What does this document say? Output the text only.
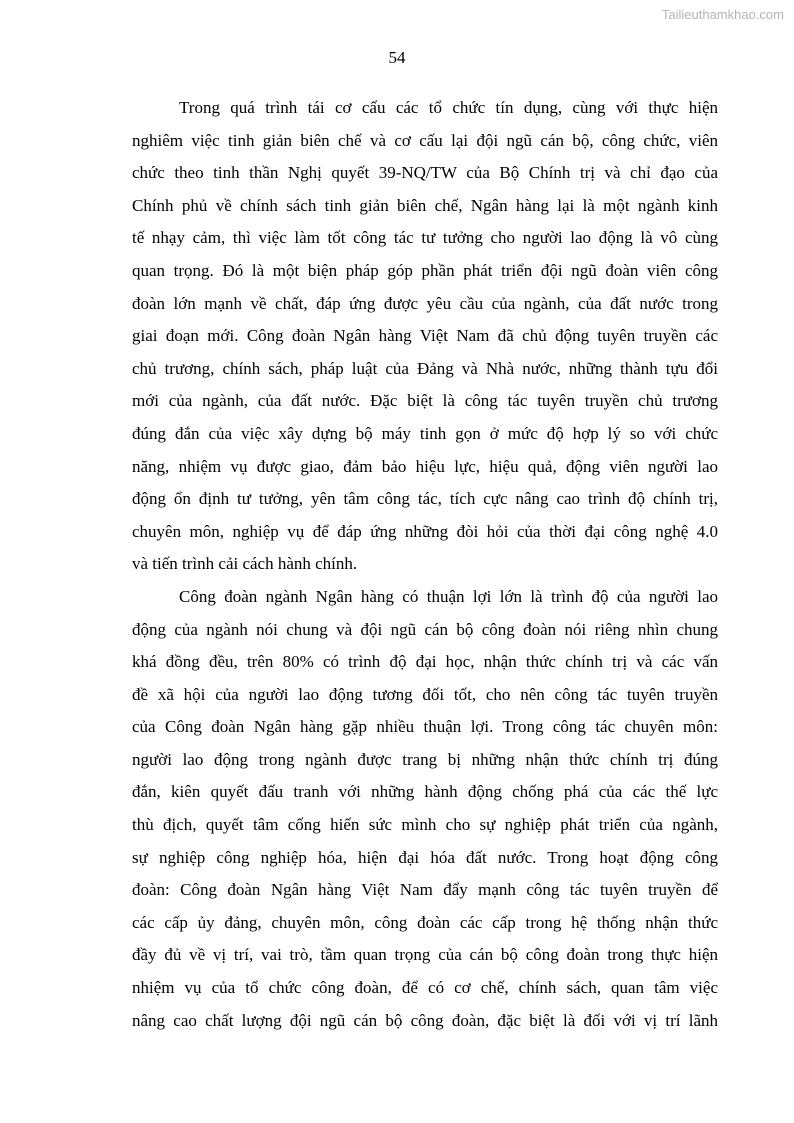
Tailieuthamkhao.com
54

Trong quá trình tái cơ cấu các tổ chức tín dụng, cùng với thực hiện
nghiêm việc tinh giản biên chế và cơ cấu lại đội ngũ cán bộ, công chức, viên
chức theo tinh thần Nghị quyết 39-NQ/TW của Bộ Chính trị và chỉ đạo của
Chính phủ về chính sách tinh giản biên chế, Ngân hàng lại là một ngành kinh
tế nhạy cảm, thì việc làm tốt công tác tư tưởng cho người lao động là vô cùng
quan trọng. Đó là một biện pháp góp phần phát triển đội ngũ đoàn viên công
đoàn lớn mạnh về chất, đáp ứng được yêu cầu của ngành, của đất nước trong
giai đoạn mới. Công đoàn Ngân hàng Việt Nam đã chủ động tuyên truyền các
chủ trương, chính sách, pháp luật của Đảng và Nhà nước, những thành tựu đổi
mới của ngành, của đất nước. Đặc biệt là công tác tuyên truyền chủ trương
đúng đắn của việc xây dựng bộ máy tinh gọn ở mức độ hợp lý so với chức
năng, nhiệm vụ được giao, đảm bảo hiệu lực, hiệu quả, động viên người lao
động ổn định tư tưởng, yên tâm công tác, tích cực nâng cao trình độ chính trị,
chuyên môn, nghiệp vụ để đáp ứng những đòi hỏi của thời đại công nghệ 4.0
và tiến trình cải cách hành chính.

Công đoàn ngành Ngân hàng có thuận lợi lớn là trình độ của người lao
động của ngành nói chung và đội ngũ cán bộ công đoàn nói riêng nhìn chung
khá đồng đều, trên 80% có trình độ đại học, nhận thức chính trị và các vấn
đề xã hội của người lao động tương đối tốt, cho nên công tác tuyên truyền
của Công đoàn Ngân hàng gặp nhiều thuận lợi. Trong công tác chuyên môn:
người lao động trong ngành được trang bị những nhận thức chính trị đúng
đắn, kiên quyết đấu tranh với những hành động chống phá của các thế lực
thù địch, quyết tâm cống hiến sức mình cho sự nghiệp phát triển của ngành,
sự nghiệp công nghiệp hóa, hiện đại hóa đất nước. Trong hoạt động công
đoàn: Công đoàn Ngân hàng Việt Nam đẩy mạnh công tác tuyên truyền để
các cấp ủy đảng, chuyên môn, công đoàn các cấp trong hệ thống nhận thức
đầy đủ về vị trí, vai trò, tầm quan trọng của cán bộ công đoàn trong thực hiện
nhiệm vụ của tổ chức công đoàn, để có cơ chế, chính sách, quan tâm việc
nâng cao chất lượng đội ngũ cán bộ công đoàn, đặc biệt là đối với vị trí lãnh
